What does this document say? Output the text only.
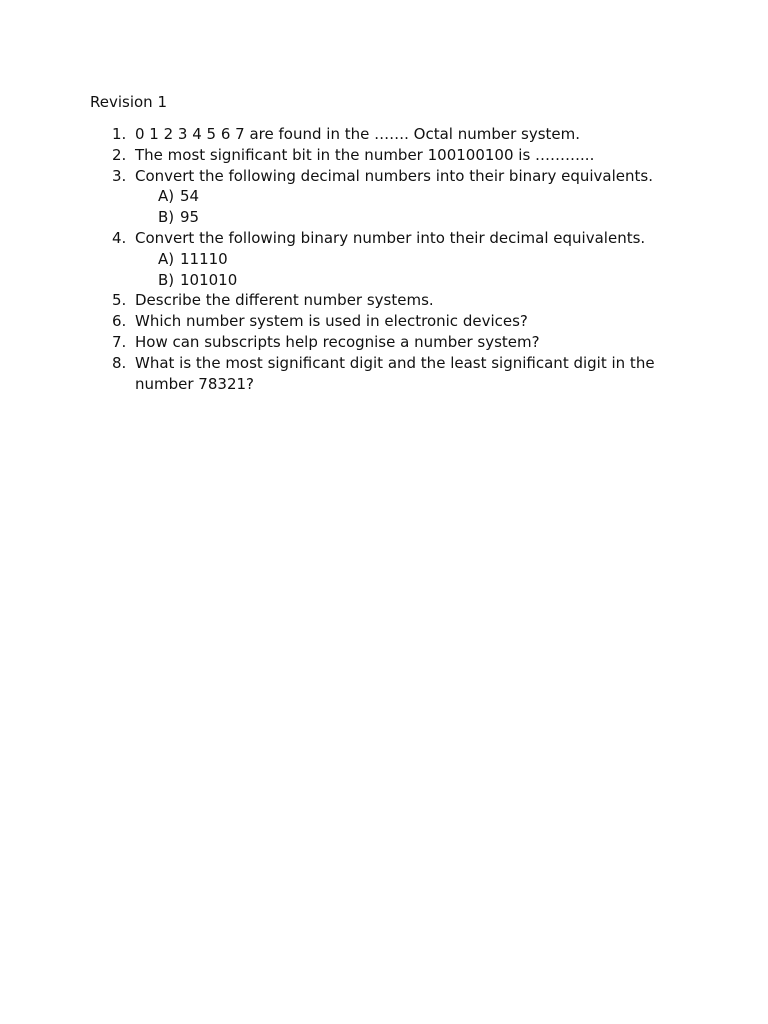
Revision 1
1. 0 1 2 3 4 5 6 7 are found in the ……. Octal number system.
2. The most significant bit in the number 100100100 is ………...
3. Convert the following decimal numbers into their binary equivalents.
A) 54
B) 95
4. Convert the following binary number into their decimal equivalents.
A) 11110
B) 101010
5. Describe the different number systems.
6. Which number system is used in electronic devices?
7. How can subscripts help recognise a number system?
8. What is the most significant digit and the least significant digit in the number 78321?
